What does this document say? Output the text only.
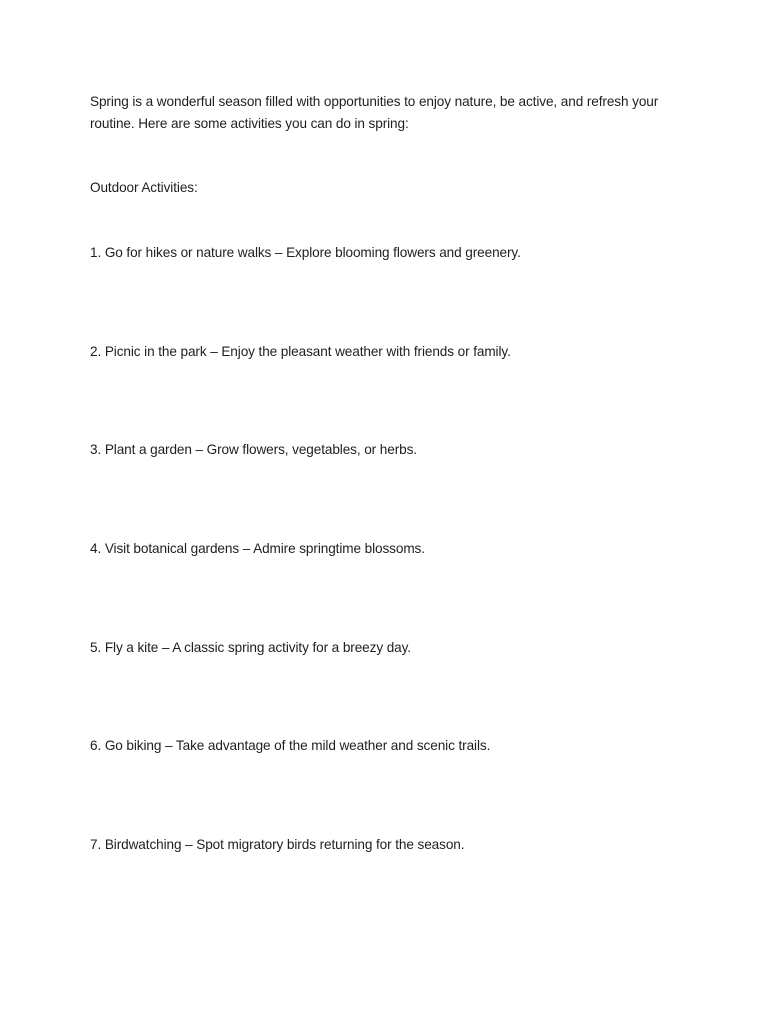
Spring is a wonderful season filled with opportunities to enjoy nature, be active, and refresh your routine. Here are some activities you can do in spring:

Outdoor Activities:

1. Go for hikes or nature walks – Explore blooming flowers and greenery.

2. Picnic in the park – Enjoy the pleasant weather with friends or family.

3. Plant a garden – Grow flowers, vegetables, or herbs.

4. Visit botanical gardens – Admire springtime blossoms.

5. Fly a kite – A classic spring activity for a breezy day.

6. Go biking – Take advantage of the mild weather and scenic trails.

7. Birdwatching – Spot migratory birds returning for the season.
